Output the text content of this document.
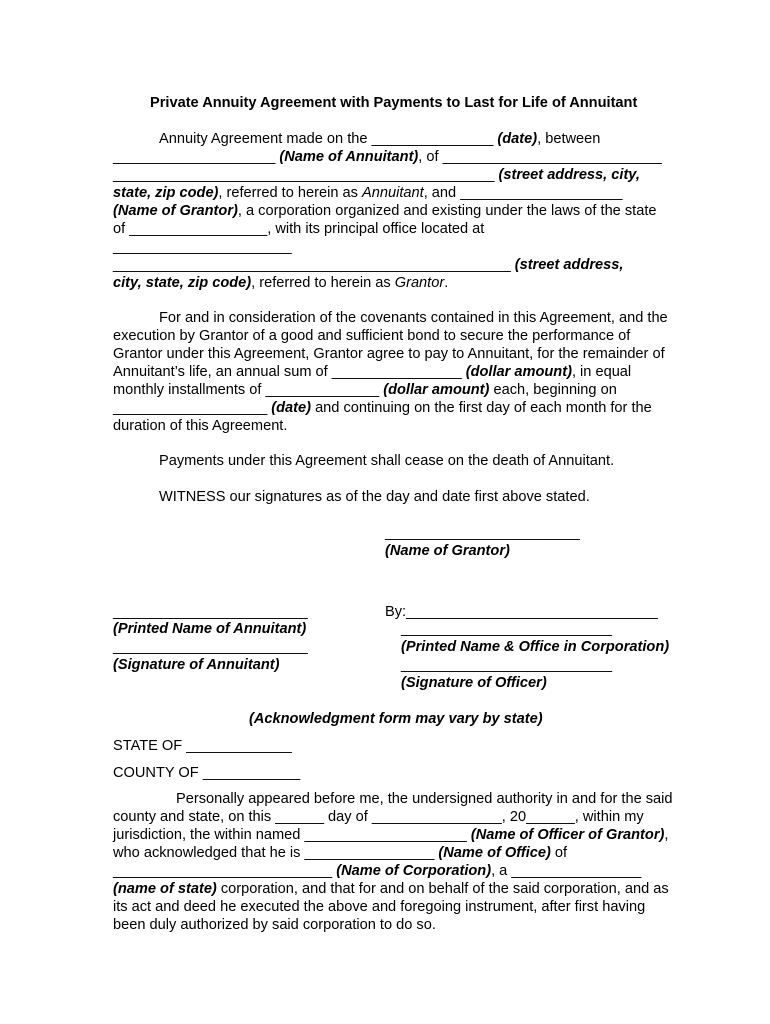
Private Annuity Agreement with Payments to Last for Life of Annuitant
Annuity Agreement made on the _______________ (date), between
____________________ (Name of Annuitant), of ___________________________
_______________________________________________ (street address, city,
state, zip code), referred to herein as Annuitant, and ____________________
(Name of Grantor), a corporation organized and existing under the laws of the state
of _________________, with its principal office located at
______________________
_________________________________________________ (street address,
city, state, zip code), referred to herein as Grantor.
For and in consideration of the covenants contained in this Agreement, and the
execution by Grantor of a good and sufficient bond to secure the performance of
Grantor under this Agreement, Grantor agree to pay to Annuitant, for the remainder of
Annuitant’s life, an annual sum of ________________ (dollar amount), in equal
monthly installments of ______________ (dollar amount) each, beginning on
___________________ (date) and continuing on the first day of each month for the
duration of this Agreement.
Payments under this Agreement shall cease on the death of Annuitant.
WITNESS our signatures as of the day and date first above stated.
________________________
(Name of Grantor)
________________________	By:_______________________________
(Printed Name of Annuitant)	__________________________
________________________	(Printed Name & Office in Corporation)
(Signature of Annuitant)	__________________________
(Signature of Officer)
(Acknowledgment form may vary by state)
STATE OF _____________
COUNTY OF ____________
Personally appeared before me, the undersigned authority in and for the said
county and state, on this ______ day of ________________, 20______, within my
jurisdiction, the within named ____________________ (Name of Officer of Grantor),
who acknowledged that he is ________________ (Name of Office) of
___________________________ (Name of Corporation), a ________________
(name of state) corporation, and that for and on behalf of the said corporation, and as
its act and deed he executed the above and foregoing instrument, after first having
been duly authorized by said corporation to do so.
